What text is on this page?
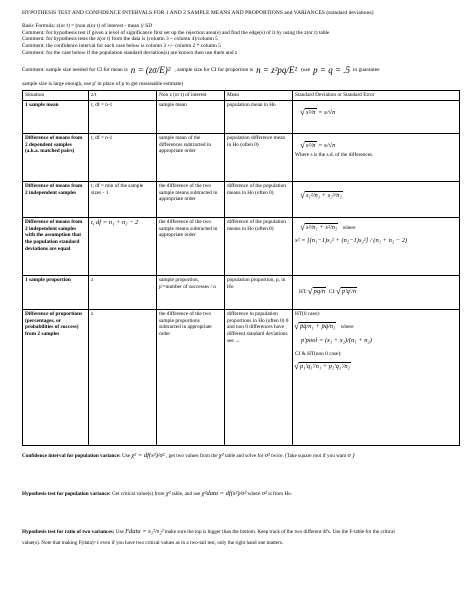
HYPOTHESIS TEST AND CONFIDENCE INTERVALS FOR 1 AND 2 SAMPLE MEANS AND PROPORTIONS and VARIANCES (standard deviations)
Basic Formula: z(or t) = (non z(or t) of interest - mean )/ SD
Comment: for hypothesis test if given a level of significance first set up the rejection area(s) and find the edge(s) of it by using the z(or t) table
Comment: for hypothesis tests the z(or t) from the data is (column 3 – column 4)/column 5
Comment: the confidence interval for each case below is column 3 +/- column 2 * column 5
Comment: for the case below if the population standard deviation(s) are known then use them and z
Comment: sample size needed for CI for mean is n = (zσ/E)² , sample size for CI for proportion is n = z²pq/E² (use p = q = .5 to guarantee
sample size is large enough, use p' in place of p to get reasonable estimate)
Situation	z/t	Non z (or t) of interest	Mean	Standard Deviation or Standard Error
1 sample mean	t, df = n-1	sample mean	population mean in Ho	√ s²/n = s/√n
Difference of means from 2 dependent samples (a.k.a. matched pairs)	t, df = n-1	sample mean of the differences subtracted in appropriate order	population difference mean in Ho (often 0)	√ s²/n = s/√n
Where s is the s.d. of the differences.

Difference of means from 2 independent samples	t, df = min of the sample sizes - 1	the difference of the two sample means subtracted in appropriate order	difference of the population means in Ho (often 0)	√ s₁²/n₁ + s₂²/n₂
Difference of means from 2 independent samples with the assumption that the population standard deviations are equal	t, df = n₁ + n₂ − 2	the difference of the two sample means subtracted in appropriate order	difference of the population means in Ho (often 0)	√ s²/n₁ + s²/n₂ where
s² = [(n₁−1)s₁² + (n₂−1)s₂²] / (n₁ + n₂ − 2)

1 sample proportion	z	sample proportion, p'=number of successes / n	population proportion, p, in Ho	HT: √ pq/n  CI: √ p'q'/n

Difference of proportions (percentages, or probabilities of success) from 2 samples	z	the difference of the two sample proportions subtracted in appropriate order	difference in population proportions in Ho (often 0) 0 and non 0 differences have different standard deviations see →	HT(0 case):
√ p̄q̄/n₁ + p̄q̄/n₂ where
p'pool = (x₁ + x₂)/(n₁ + n₂)
CI & HT(non 0 case):
√ p₁'q₁'/n₁ + p₂'q₂'/n₂
Confidence interval for population variance: Use χ² = df(s²)/σ² , get two values from the χ² table and solve for σ² twice. (Take square root if you want σ )
Hypothesis test for population variance: Get critical value(s) from χ² table, and use χ²data = df(s²)/σ² where σ² is from Ho.
Hypothesis test for ratio of two variances: Use Fdata = s₁²/s₂² make sure the top is bigger than the bottom. Keep track of the two different df's. Use the F-table for the critical
value(s). Note that making F(data)>1 even if you have two critical values as in a two-tail test, only the right hand one matters.
